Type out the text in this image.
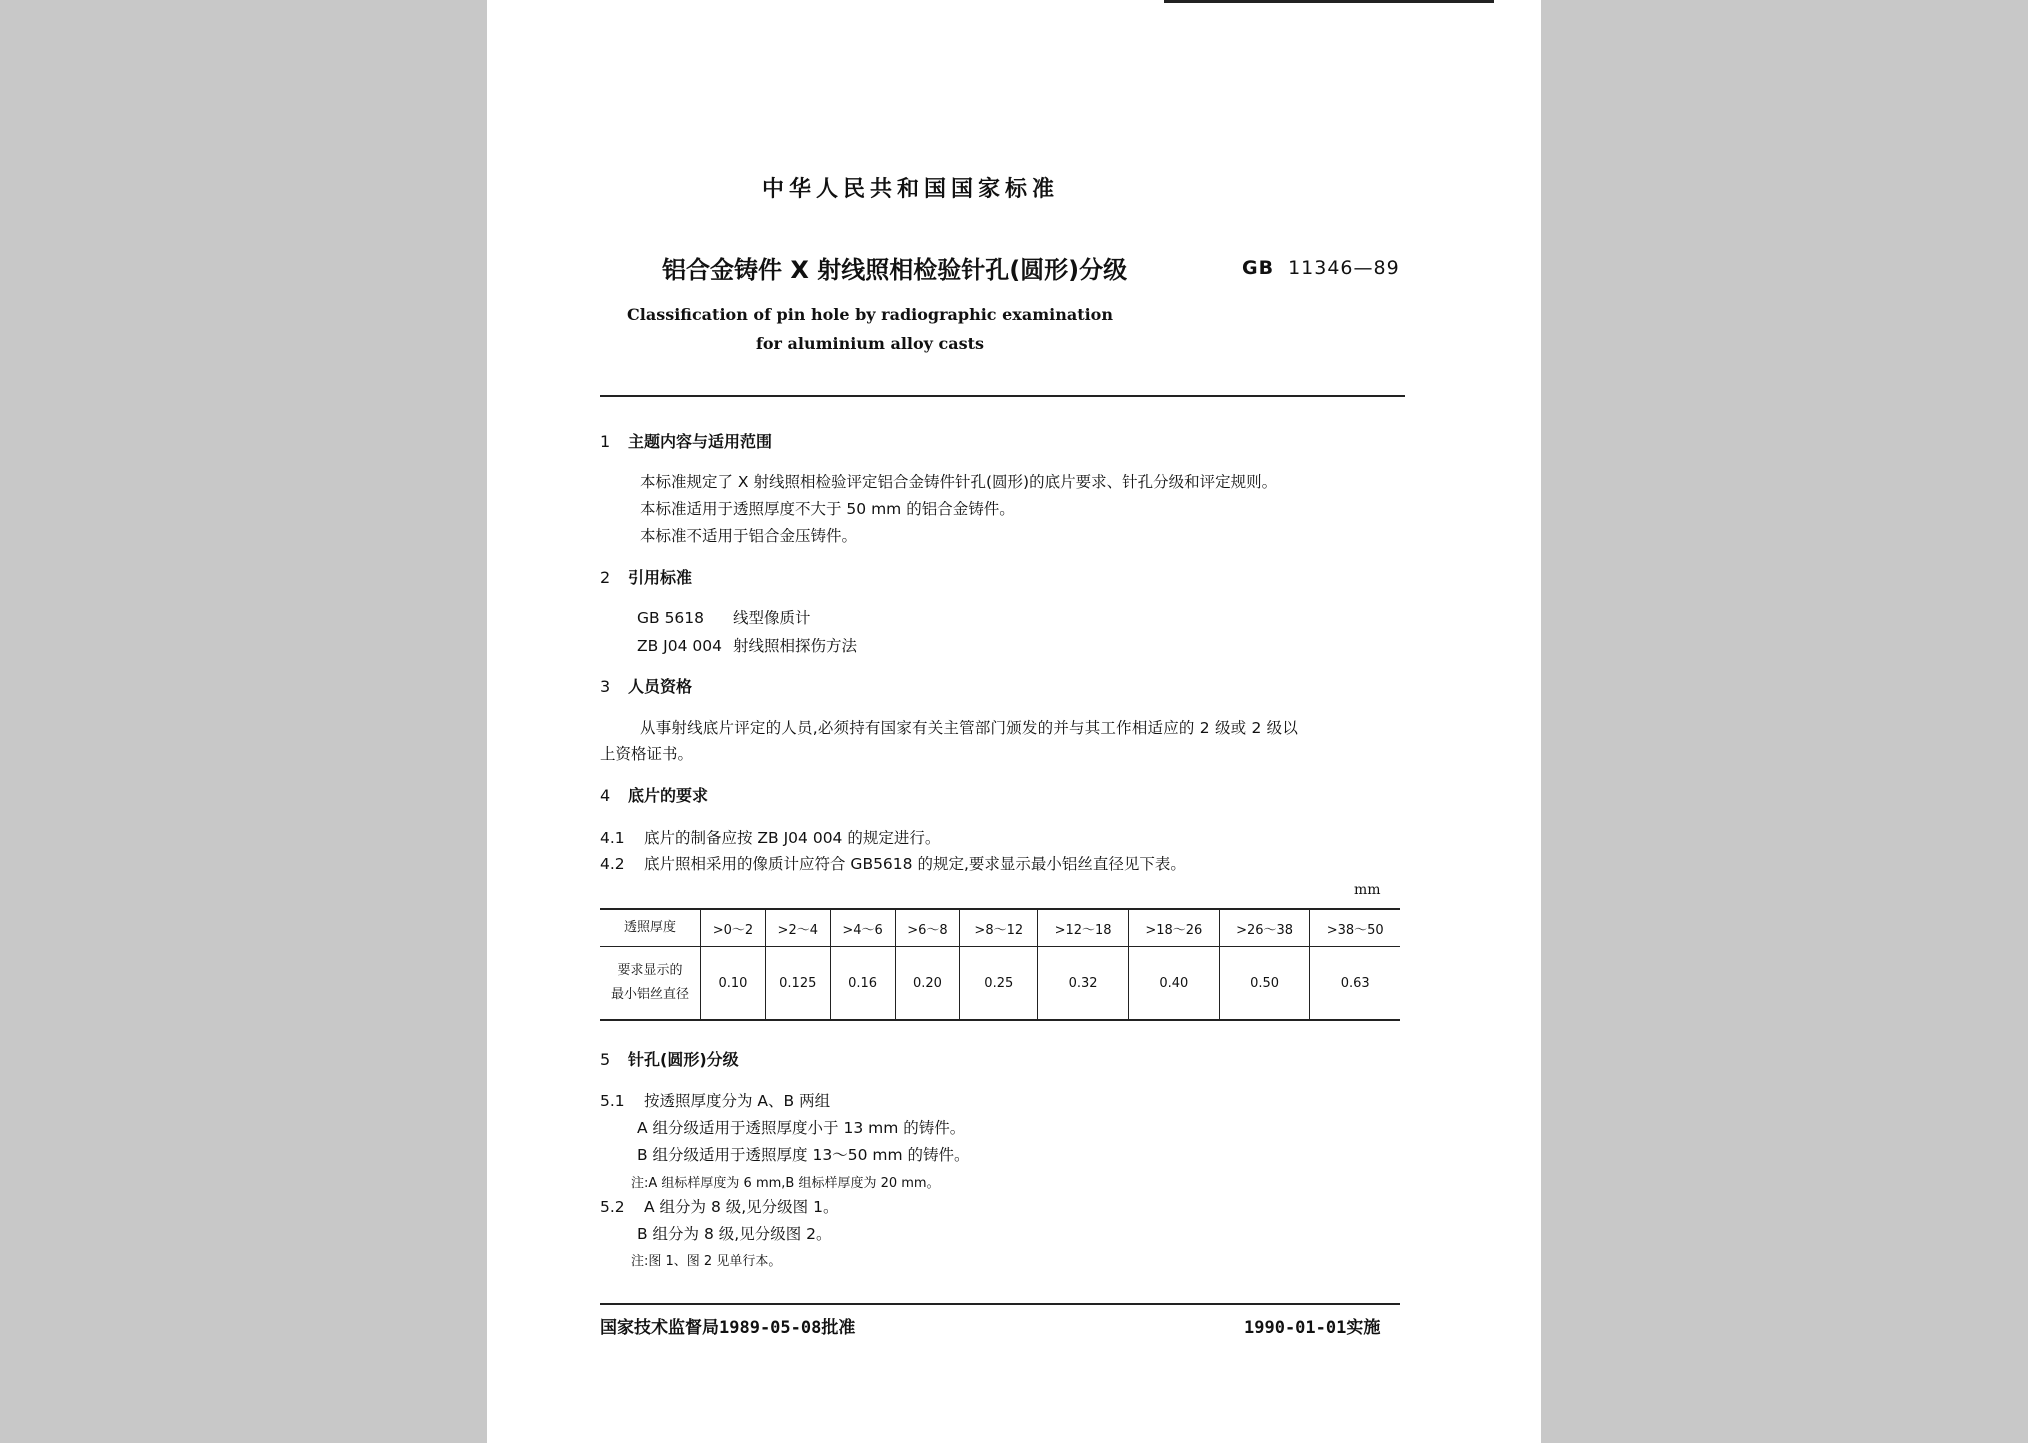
中华人民共和国国家标准
铝合金铸件 X 射线照相检验针孔(圆形)分级	GB 11346—89
Classification of pin hole by radiographic examination
for aluminium alloy casts
1 主题内容与适用范围
本标准规定了 X 射线照相检验评定铝合金铸件针孔(圆形)的底片要求、针孔分级和评定规则。
本标准适用于透照厚度不大于 50 mm 的铝合金铸件。
本标准不适用于铝合金压铸件。
2 引用标准
GB 5618 线型像质计
ZB J04 004 射线照相探伤方法
3 人员资格
从事射线底片评定的人员,必须持有国家有关主管部门颁发的并与其工作相适应的 2 级或 2 级以
上资格证书。
4 底片的要求
4.1 底片的制备应按 ZB J04 004 的规定进行。
4.2 底片照相采用的像质计应符合 GB5618 的规定,要求显示最小铝丝直径见下表。
mm
透照厚度	>0～2	>2～4	>4～6	>6～8	>8～12	>12～18	>18～26	>26～38	>38～50

要求显示的
最小铝丝直径	0.10	0.125	0.16	0.20	0.25	0.32	0.40	0.50	0.63
5 针孔(圆形)分级
5.1 按透照厚度分为 A、B 两组
A 组分级适用于透照厚度小于 13 mm 的铸件。
B 组分级适用于透照厚度 13～50 mm 的铸件。
注:A 组标样厚度为 6 mm,B 组标样厚度为 20 mm。
5.2 A 组分为 8 级,见分级图 1。
B 组分为 8 级,见分级图 2。
注:图 1、图 2 见单行本。
国家技术监督局1989-05-08批准	1990-01-01实施
